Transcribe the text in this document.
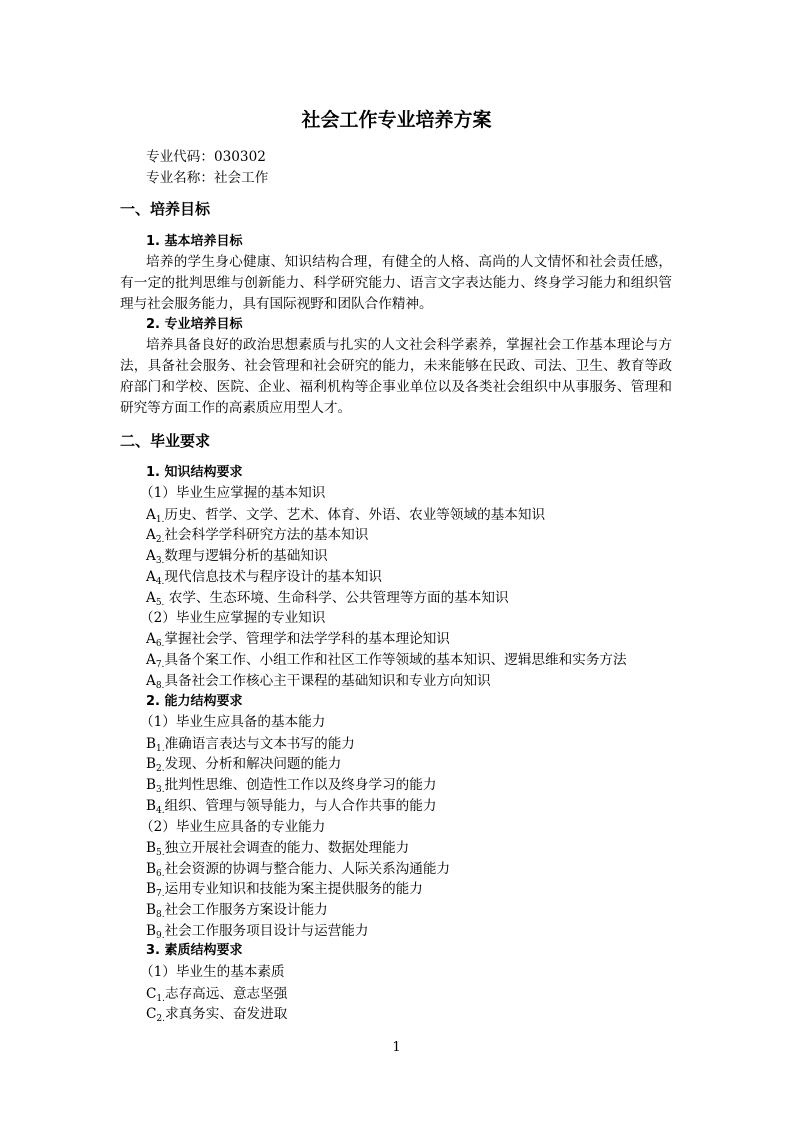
社会工作专业培养方案
专业代码：030302
专业名称：社会工作
一、培养目标
1. 基本培养目标
培养的学生身心健康、知识结构合理，有健全的人格、高尚的人文情怀和社会责任感，
有一定的批判思维与创新能力、科学研究能力、语言文字表达能力、终身学习能力和组织管
理与社会服务能力，具有国际视野和团队合作精神。
2. 专业培养目标
培养具备良好的政治思想素质与扎实的人文社会科学素养，掌握社会工作基本理论与方
法，具备社会服务、社会管理和社会研究的能力，未来能够在民政、司法、卫生、教育等政
府部门和学校、医院、企业、福利机构等企事业单位以及各类社会组织中从事服务、管理和
研究等方面工作的高素质应用型人才。
二、毕业要求
1. 知识结构要求
（1）毕业生应掌握的基本知识
$A_{1.}$历史、哲学、文学、艺术、体育、外语、农业等领域的基本知识
$A_{2.}$社会科学学科研究方法的基本知识
$A_{3.}$数理与逻辑分析的基础知识
$A_{4.}$现代信息技术与程序设计的基本知识
$A_{5.}$ 农学、生态环境、生命科学、公共管理等方面的基本知识
（2）毕业生应掌握的专业知识
$A_{6.}$掌握社会学、管理学和法学学科的基本理论知识
$A_{7.}$具备个案工作、小组工作和社区工作等领域的基本知识、逻辑思维和实务方法
$A_{8.}$具备社会工作核心主干课程的基础知识和专业方向知识
2. 能力结构要求
（1）毕业生应具备的基本能力
$B_{1.}$准确语言表达与文本书写的能力
$B_{2.}$发现、分析和解决问题的能力
$B_{3.}$批判性思维、创造性工作以及终身学习的能力
$B_{4.}$组织、管理与领导能力，与人合作共事的能力
（2）毕业生应具备的专业能力
$B_{5.}$独立开展社会调查的能力、数据处理能力
$B_{6.}$社会资源的协调与整合能力、人际关系沟通能力
$B_{7.}$运用专业知识和技能为案主提供服务的能力
$B_{8.}$社会工作服务方案设计能力
$B_{9.}$社会工作服务项目设计与运营能力
3. 素质结构要求
（1）毕业生的基本素质
$C_{1.}$志存高远、意志坚强
$C_{2.}$求真务实、奋发进取
1
